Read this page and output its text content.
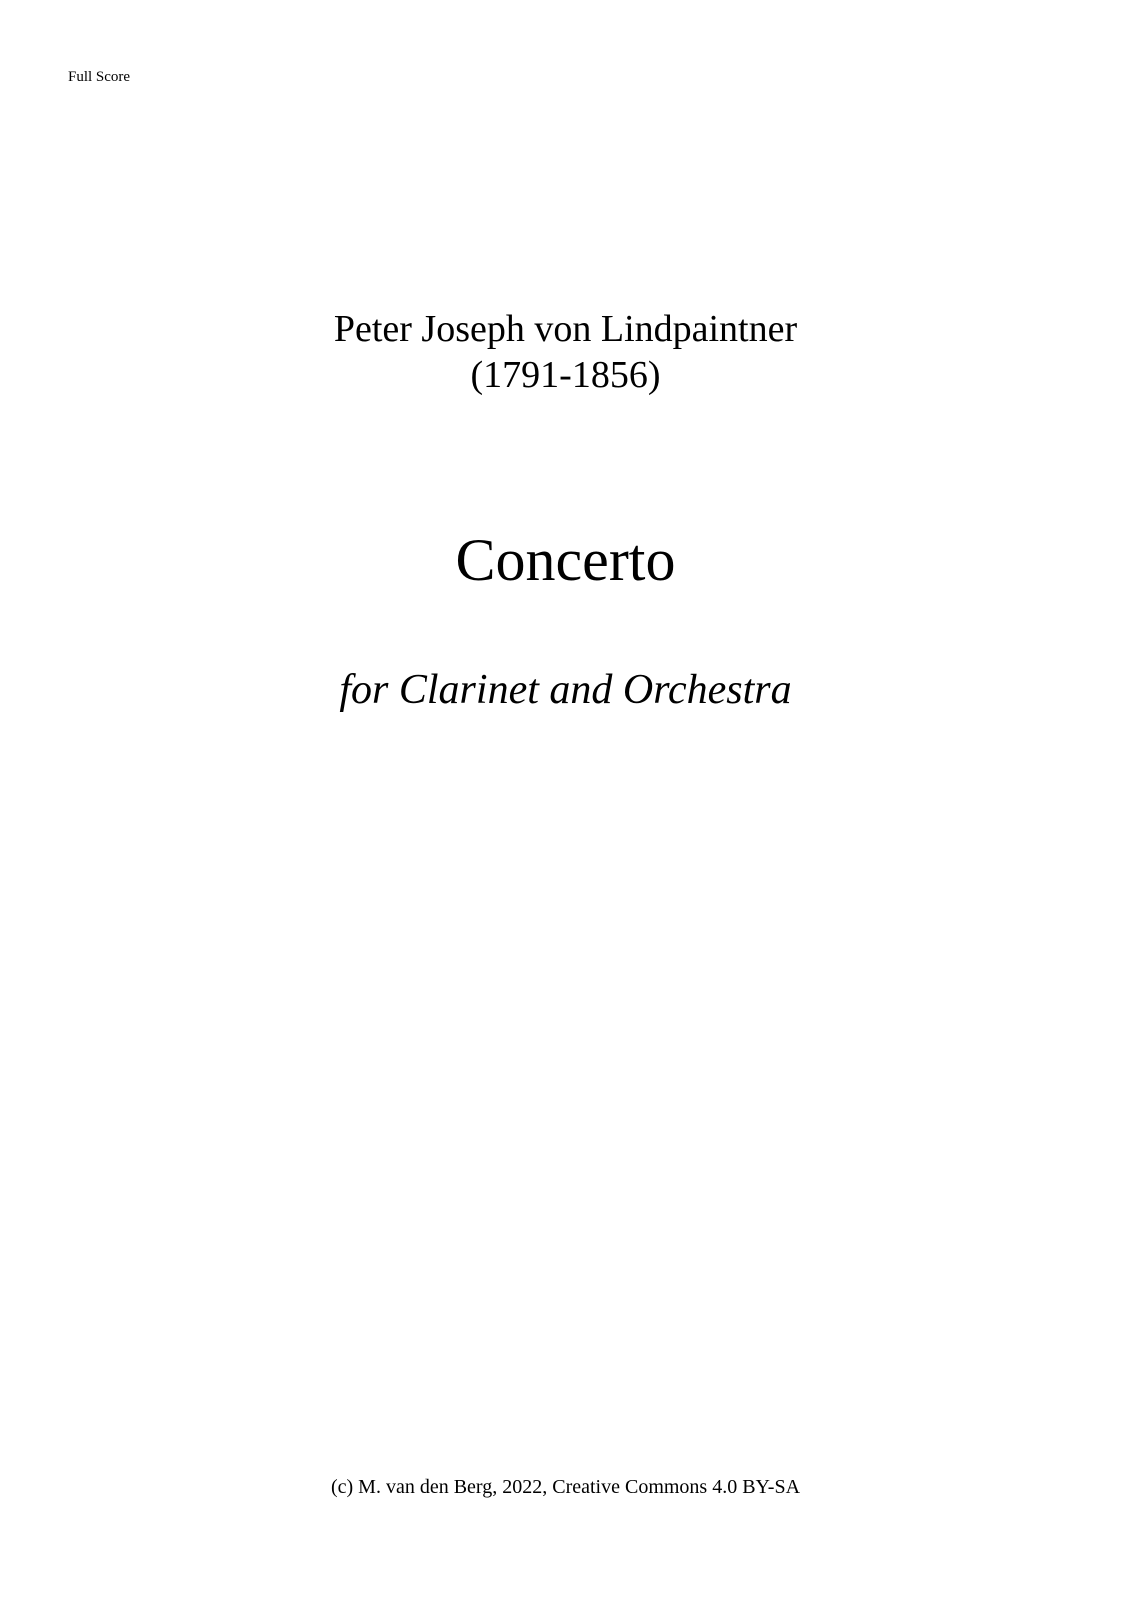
Full Score
Peter Joseph von Lindpaintner
(1791-1856)
Concerto
for Clarinet and Orchestra
(c) M. van den Berg, 2022, Creative Commons 4.0 BY-SA
